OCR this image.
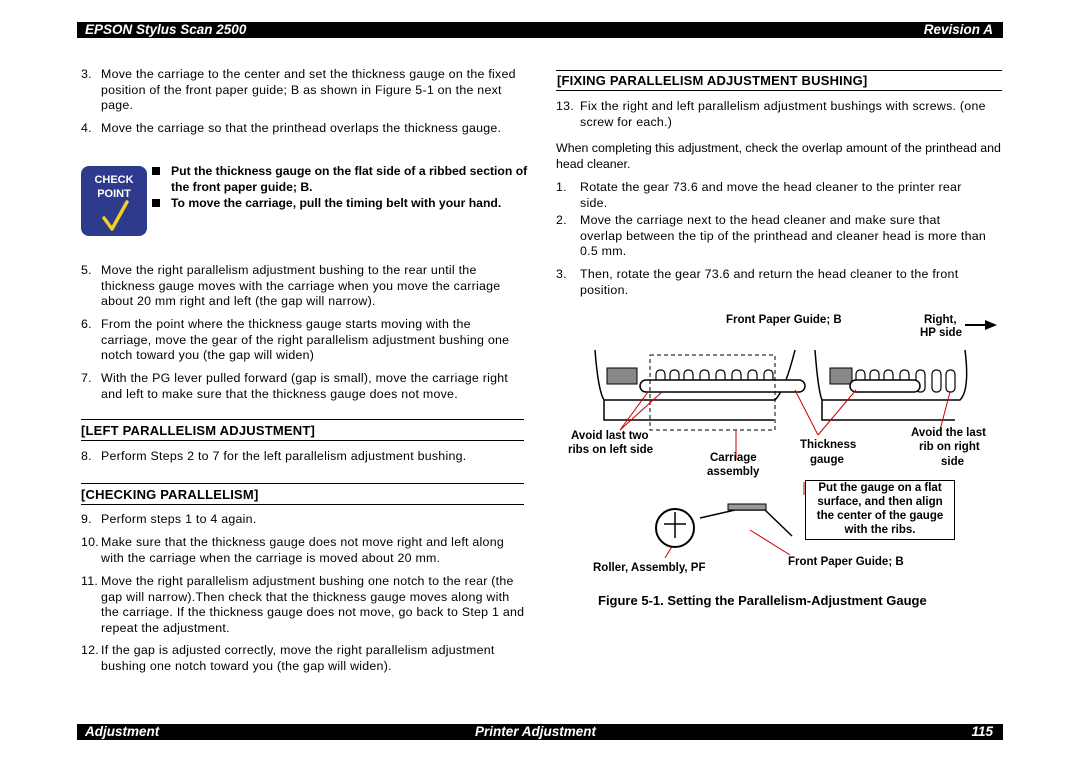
EPSON Stylus Scan 2500	Revision A
3. Move the carriage to the center and set the thickness gauge on the fixed position of the front paper guide; B as shown in Figure 5-1 on the next page.
4. Move the carriage so that the printhead overlaps the thickness gauge.
CHECK
POINT
Put the thickness gauge on the flat side of a ribbed section of the front paper guide; B.
To move the carriage, pull the timing belt with your hand.
5. Move the right parallelism adjustment bushing to the rear until the thickness gauge moves with the carriage when you move the carriage about 20 mm right and left (the gap will narrow).
6. From the point where the thickness gauge starts moving with the carriage, move the gear of the right parallelism adjustment bushing one notch toward you (the gap will widen)
7. With the PG lever pulled forward (gap is small), move the carriage right and left to make sure that the thickness gauge does not move.
[LEFT PARALLELISM ADJUSTMENT]
8. Perform Steps 2 to 7 for the left parallelism adjustment bushing.
[CHECKING PARALLELISM]
9. Perform steps 1 to 4 again.
10. Make sure that the thickness gauge does not move right and left along with the carriage when the carriage is moved about 20 mm.
11. Move the right parallelism adjustment bushing one notch to the rear (the gap will narrow).Then check that the thickness gauge moves along with the carriage. If the thickness gauge does not move, go back to Step 1 and repeat the adjustment.
12. If the gap is adjusted correctly, move the right parallelism adjustment bushing one notch toward you (the gap will widen).
[FIXING PARALLELISM ADJUSTMENT BUSHING]
13. Fix the right and left parallelism adjustment bushings with screws. (one screw for each.)
When completing this adjustment, check the overlap amount of the printhead and head cleaner.
1. Rotate the gear 73.6 and move the head cleaner to the printer rear side.
2. Move the carriage next to the head cleaner and make sure that overlap between the tip of the printhead and cleaner head is more than 0.5 mm.
3. Then, rotate the gear 73.6 and return the head cleaner to the front position.
Front Paper Guide; B	Right,
HP side
Avoid last two
ribs on left side
Carriage
assembly
Thickness
gauge
Avoid the last
rib on right
side
Put the gauge on a flat
surface, and then align
the center of the gauge
with the ribs.
Roller, Assembly, PF	Front Paper Guide; B
Figure 5-1. Setting the Parallelism-Adjustment Gauge
Adjustment	Printer Adjustment	115
